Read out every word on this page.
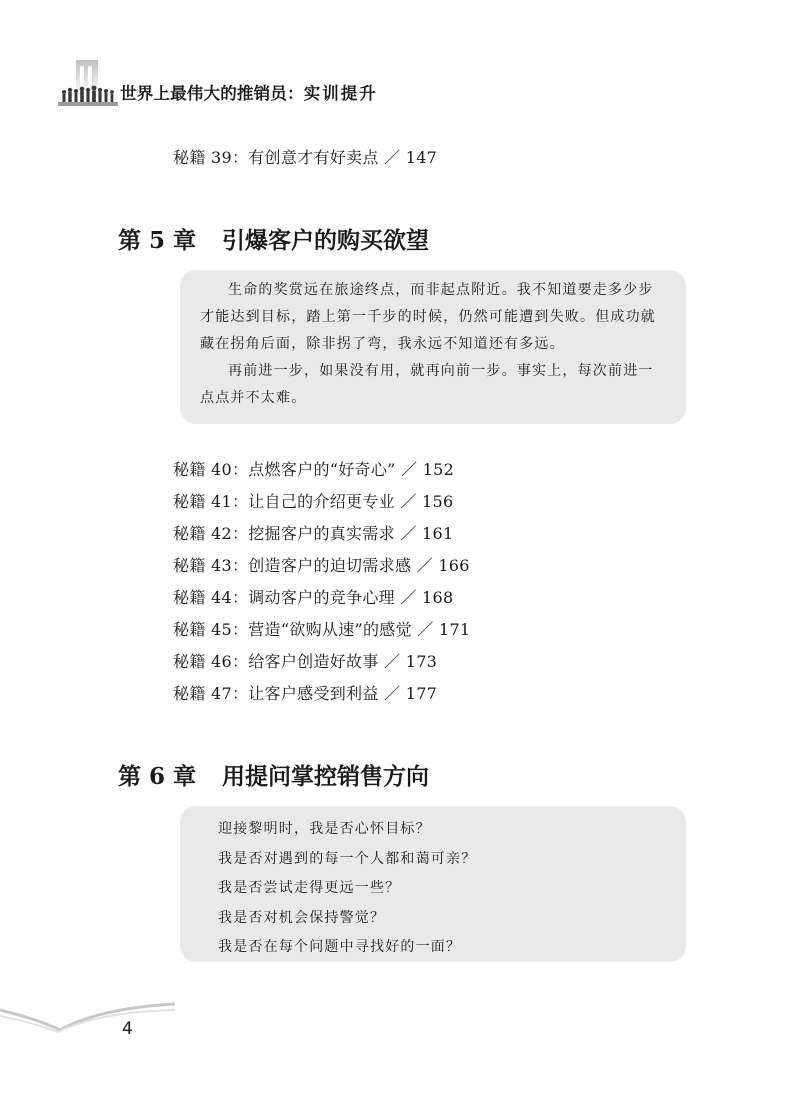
世界上最伟大的推销员：实训提升
秘籍 39：有创意才有好卖点 ／ 147
第 5 章 引爆客户的购买欲望

生命的奖赏远在旅途终点，而非起点附近。我不知道要走多少步才能达到目标，踏上第一千步的时候，仍然可能遭到失败。但成功就藏在拐角后面，除非拐了弯，我永远不知道还有多远。

再前进一步，如果没有用，就再向前一步。事实上，每次前进一点点并不太难。

秘籍 40：点燃客户的“好奇心” ／ 152
秘籍 41：让自己的介绍更专业 ／ 156
秘籍 42：挖掘客户的真实需求 ／ 161
秘籍 43：创造客户的迫切需求感 ／ 166
秘籍 44：调动客户的竞争心理 ／ 168
秘籍 45：营造“欲购从速”的感觉 ／ 171
秘籍 46：给客户创造好故事 ／ 173
秘籍 47：让客户感受到利益 ／ 177
第 6 章 用提问掌控销售方向

迎接黎明时，我是否心怀目标？

我是否对遇到的每一个人都和蔼可亲？

我是否尝试走得更远一些？

我是否对机会保持警觉？

我是否在每个问题中寻找好的一面？

4
